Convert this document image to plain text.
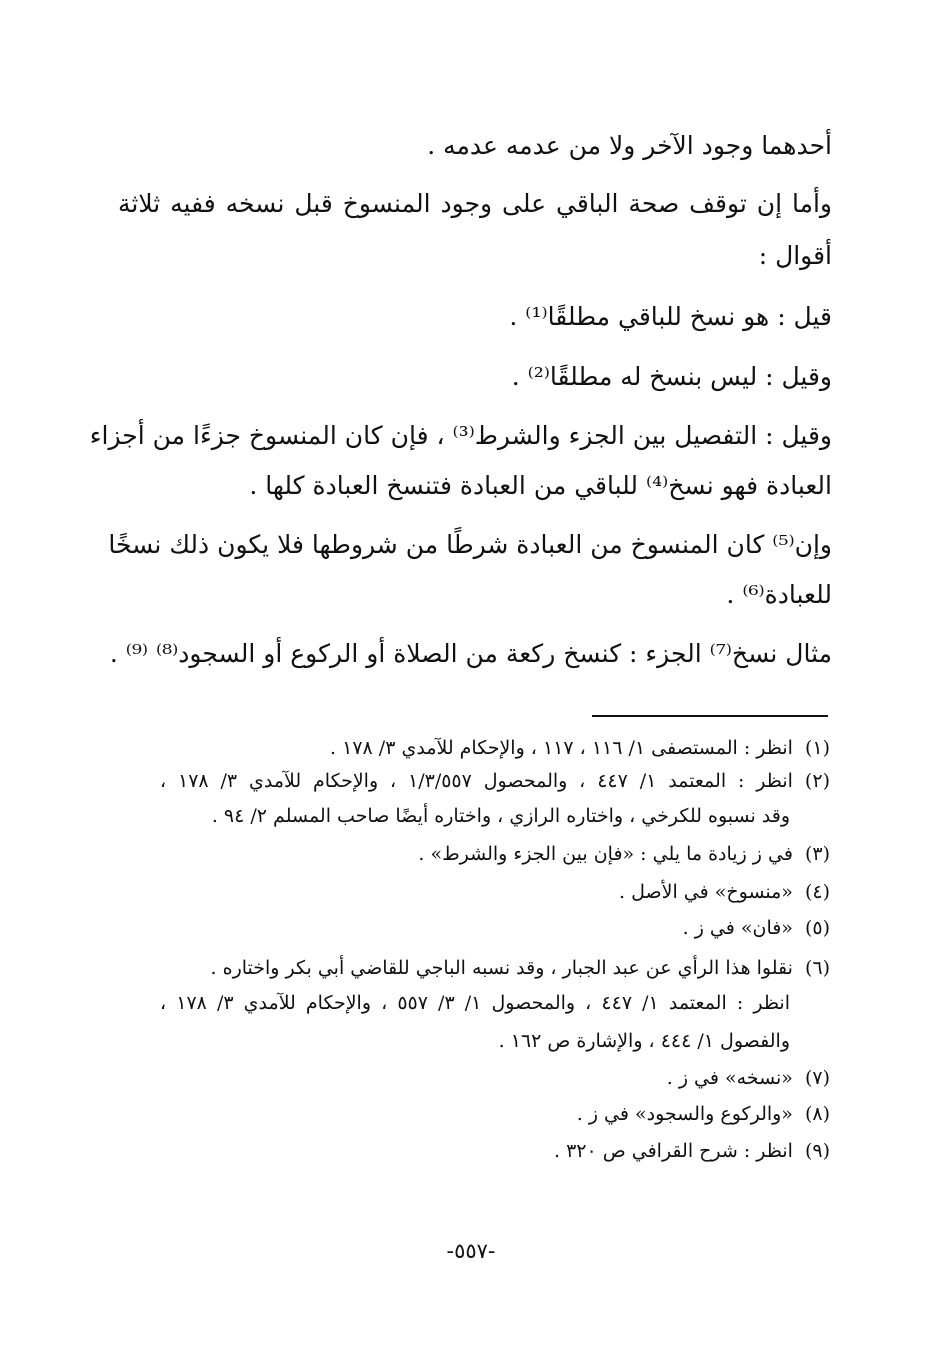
أحدهما وجود الآخر ولا من عدمه عدمه .
وأما إن توقف صحة الباقي على وجود المنسوخ قبل نسخه ففيه ثلاثة
أقوال :
قيل : هو نسخ للباقي مطلقًا⁽¹⁾ .
وقيل : ليس بنسخ له مطلقًا⁽²⁾ .
وقيل : التفصيل بين الجزء والشرط⁽³⁾ ، فإن كان المنسوخ جزءًا من أجزاء
العبادة فهو نسخ⁽⁴⁾ للباقي من العبادة فتنسخ العبادة كلها .
وإن⁽⁵⁾ كان المنسوخ من العبادة شرطًا من شروطها فلا يكون ذلك نسخًا
للعبادة⁽⁶⁾ .
مثال نسخ⁽⁷⁾ الجزء : كنسخ ركعة من الصلاة أو الركوع أو السجود⁽⁸⁾ ⁽⁹⁾ .
(١)انظر : المستصفى ١/ ١١٦ ، ١١٧ ، والإحكام للآمدي ٣/ ١٧٨ .
(٢)انظر : المعتمد ١/ ٤٤٧ ، والمحصول ١/٣/٥٥٧ ، والإحكام للآمدي ٣/ ١٧٨ ،
وقد نسبوه للكرخي ، واختاره الرازي ، واختاره أيضًا صاحب المسلم ٢/ ٩٤ .
(٣)في ز زيادة ما يلي : «فإن بين الجزء والشرط» .
(٤)«منسوخ» في الأصل .
(٥)«فان» في ز .
(٦)نقلوا هذا الرأي عن عبد الجبار ، وقد نسبه الباجي للقاضي أبي بكر واختاره .
انظر : المعتمد ١/ ٤٤٧ ، والمحصول ١/ ٣/ ٥٥٧ ، والإحكام للآمدي ٣/ ١٧٨ ،
والفصول ١/ ٤٤٤ ، والإشارة ص ١٦٢ .
(٧)«نسخه» في ز .
(٨)«والركوع والسجود» في ز .
(٩)انظر : شرح القرافي ص ٣٢٠ .
-٥٥٧-
